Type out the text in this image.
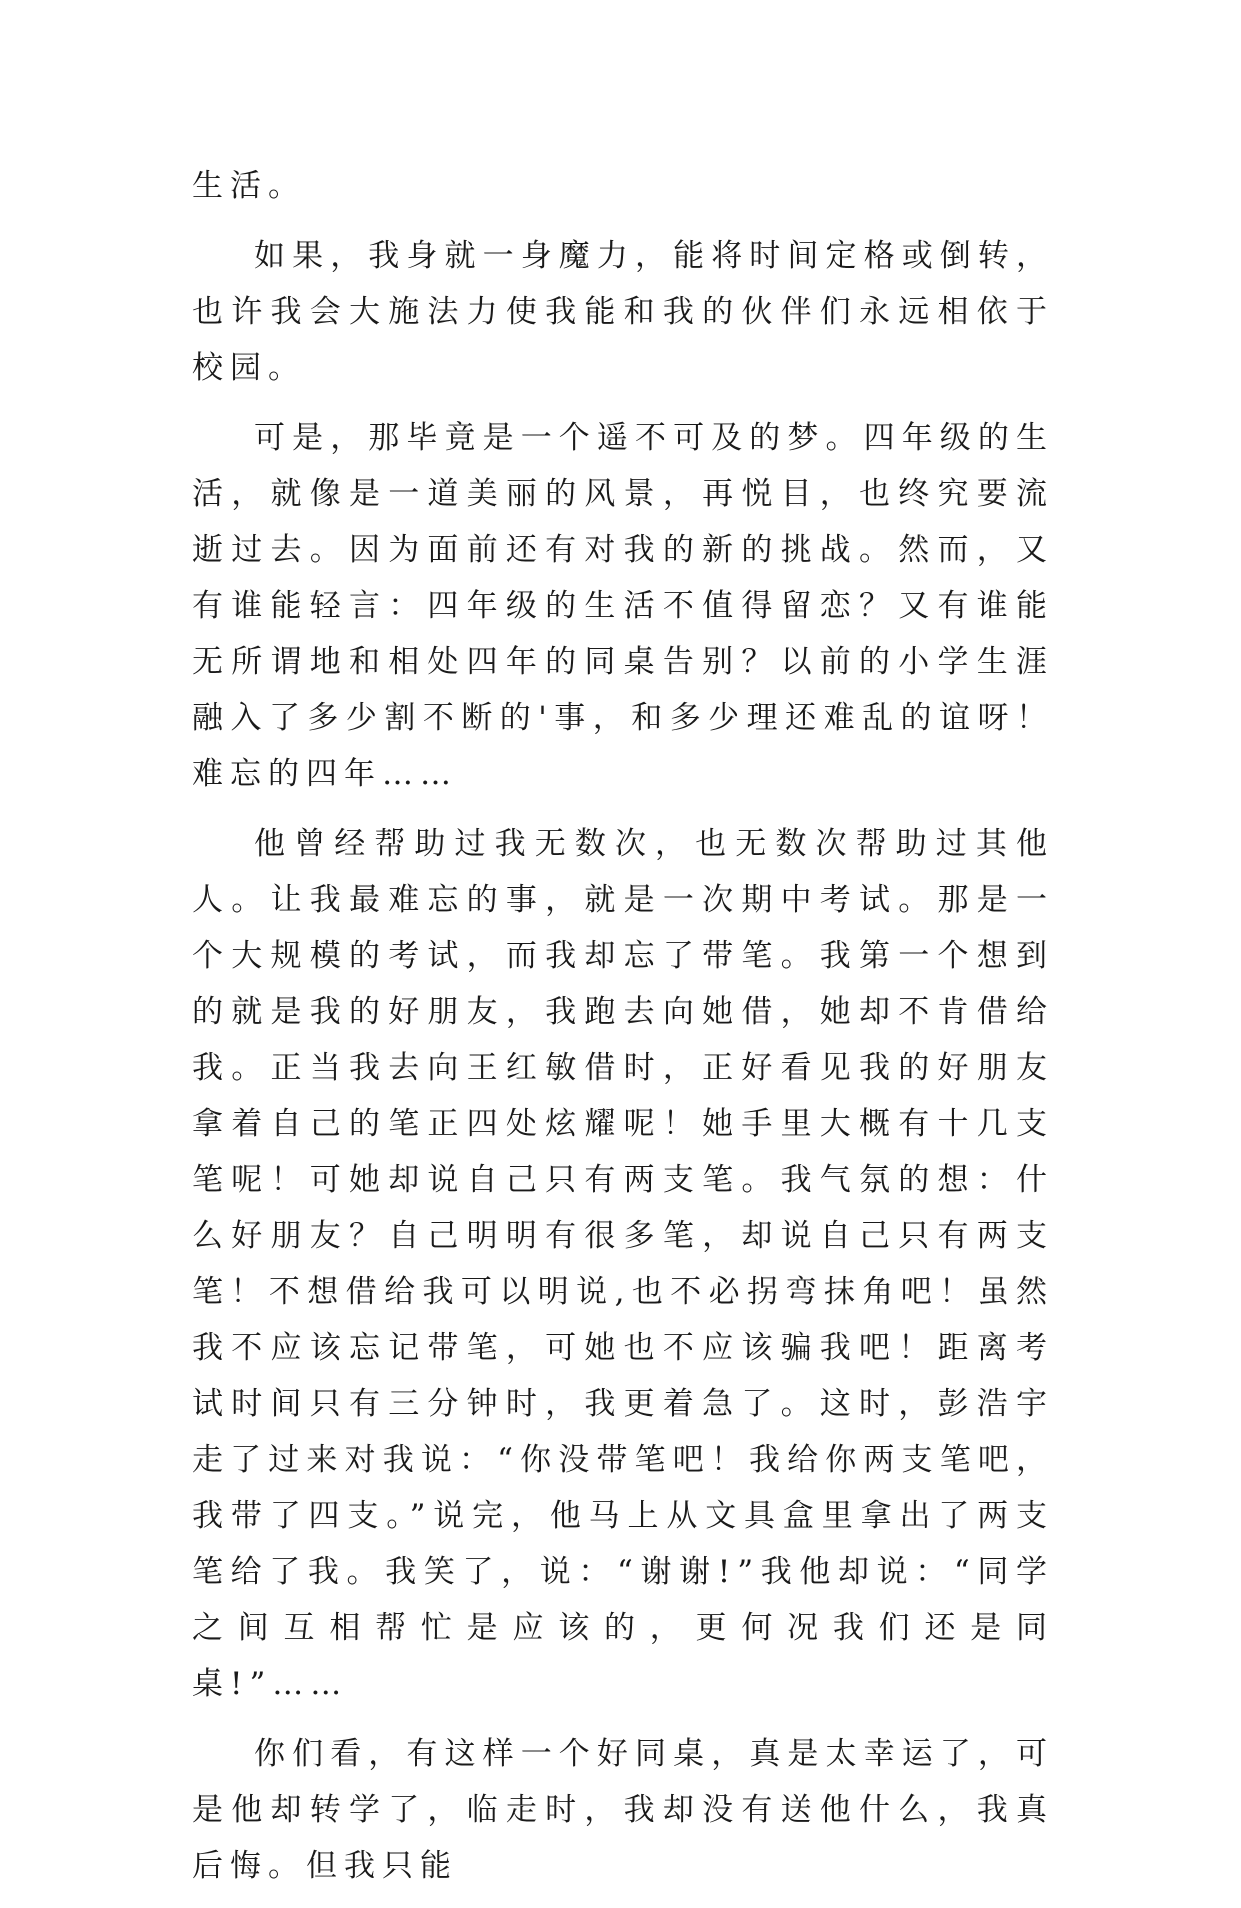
生活。

如果，我身就一身魔力，能将时间定格或倒转，也许我会大施法力使我能和我的伙伴们永远相依于校园。

可是，那毕竟是一个遥不可及的梦。四年级的生活，就像是一道美丽的风景，再悦目，也终究要流逝过去。因为面前还有对我的新的挑战。然而，又有谁能轻言：四年级的生活不值得留恋？又有谁能无所谓地和相处四年的同桌告别？以前的小学生涯融入了多少割不断的'事，和多少理还难乱的谊呀！难忘的四年……

他曾经帮助过我无数次，也无数次帮助过其他人。让我最难忘的事，就是一次期中考试。那是一个大规模的考试，而我却忘了带笔。我第一个想到的就是我的好朋友，我跑去向她借，她却不肯借给我。正当我去向王红敏借时，正好看见我的好朋友拿着自己的笔正四处炫耀呢！她手里大概有十几支笔呢！可她却说自己只有两支笔。我气氛的想：什么好朋友？自己明明有很多笔，却说自己只有两支笔！不想借给我可以明说,也不必拐弯抹角吧！虽然我不应该忘记带笔，可她也不应该骗我吧！距离考试时间只有三分钟时，我更着急了。这时，彭浩宇走了过来对我说：“你没带笔吧！我给你两支笔吧，我带了四支。”说完，他马上从文具盒里拿出了两支笔给了我。我笑了，说：“谢谢!”我他却说：“同学之间互相帮忙是应该的，更何况我们还是同桌!”……

你们看，有这样一个好同桌，真是太幸运了，可是他却转学了，临走时，我却没有送他什么，我真后悔。但我只能
